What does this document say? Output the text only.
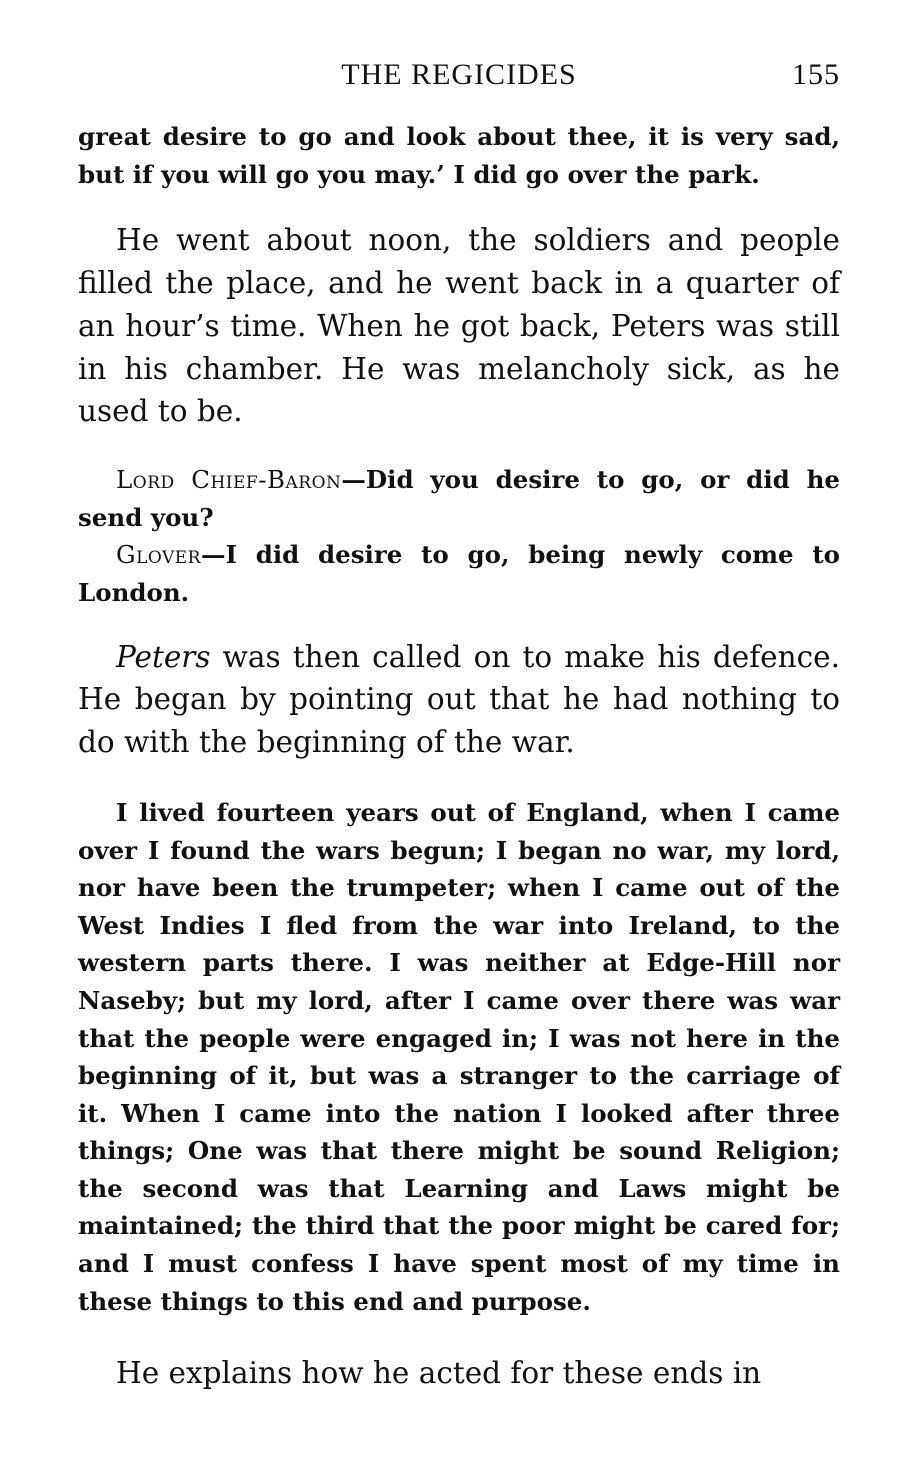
THE REGICIDES	155

great desire to go and look about thee, it is very sad, but if you will go you may.’ I did go over the park.

He went about noon, the soldiers and people filled the place, and he went back in a quarter of an hour’s time. When he got back, Peters was still in his chamber. He was melancholy sick, as he used to be.

Lord Chief-Baron—Did you desire to go, or did he send you?

Glover—I did desire to go, being newly come to London.

Peters was then called on to make his defence. He began by pointing out that he had nothing to do with the beginning of the war.

I lived fourteen years out of England, when I came over I found the wars begun; I began no war, my lord, nor have been the trumpeter; when I came out of the West Indies I fled from the war into Ireland, to the western parts there. I was neither at Edge-Hill nor Naseby; but my lord, after I came over there was war that the people were engaged in; I was not here in the beginning of it, but was a stranger to the carriage of it. When I came into the nation I looked after three things; One was that there might be sound Religion; the second was that Learning and Laws might be maintained; the third that the poor might be cared for; and I must confess I have spent most of my time in these things to this end and purpose.

He explains how he acted for these ends in
